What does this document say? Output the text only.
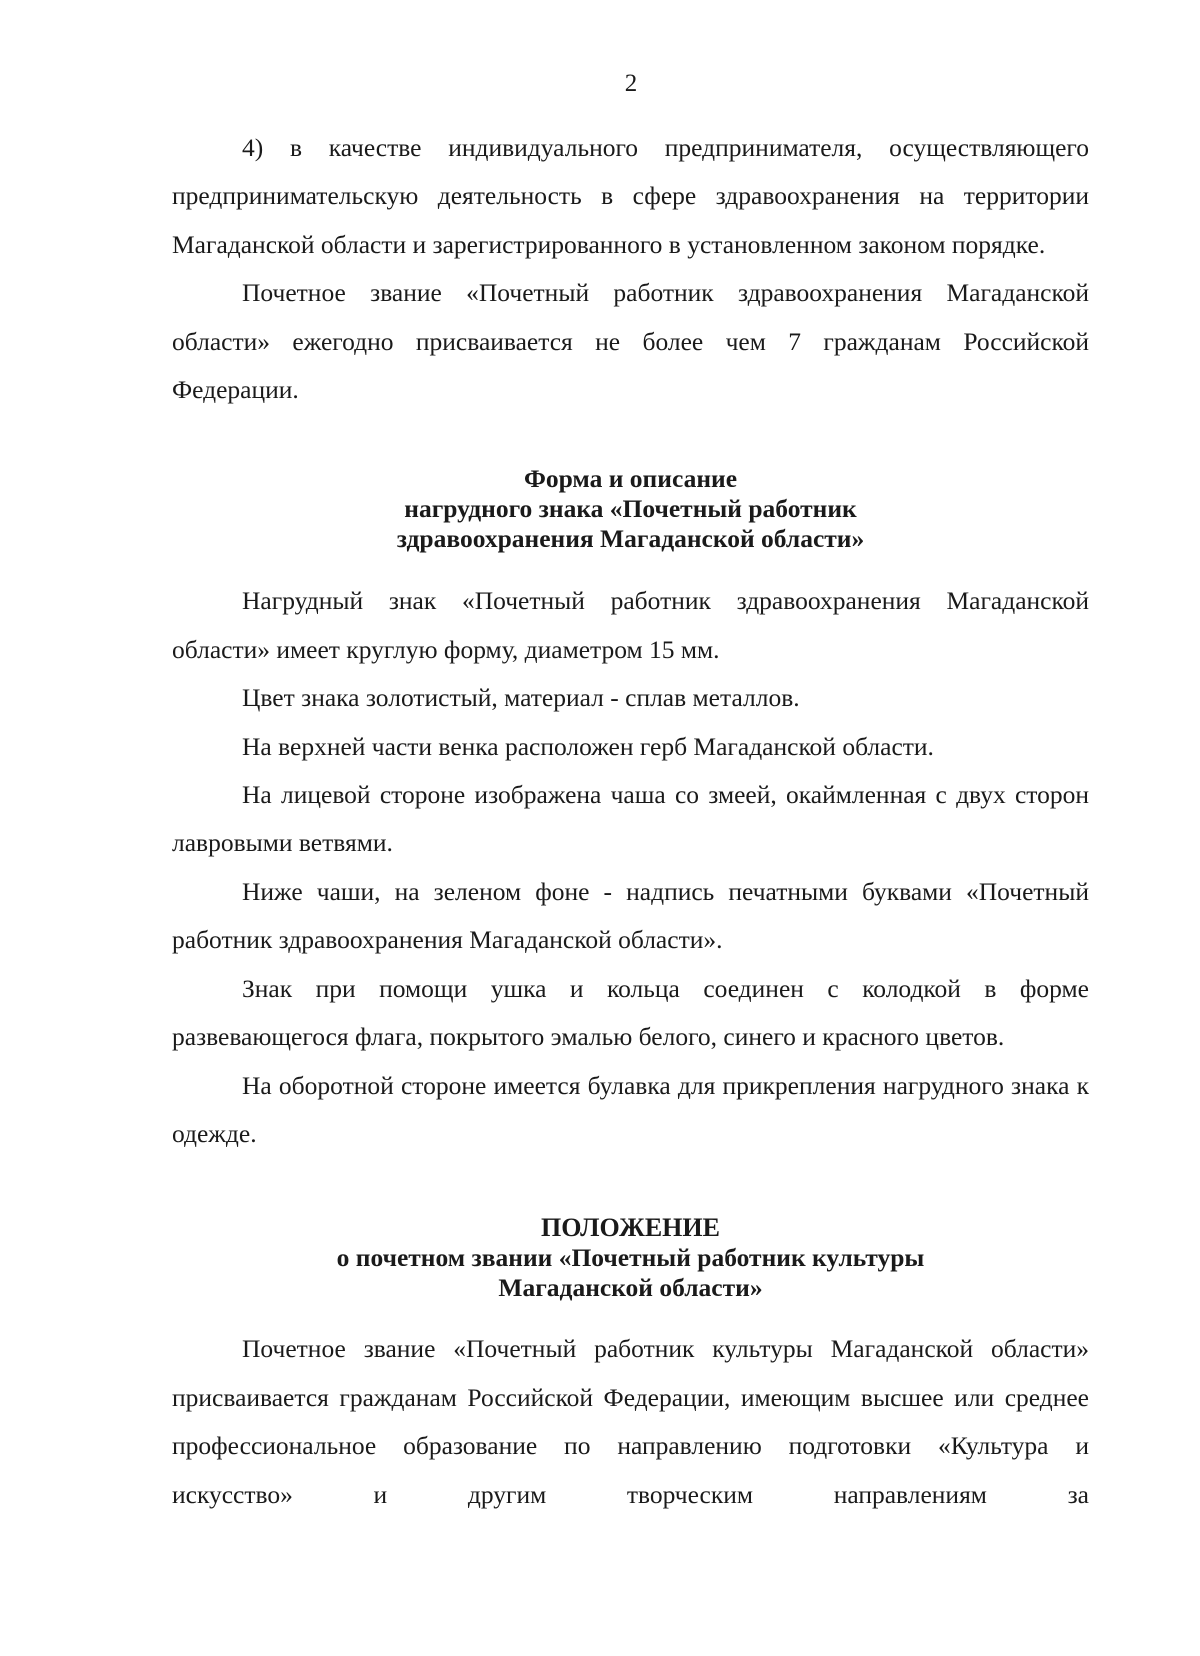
2

4) в качестве индивидуального предпринимателя, осуществляющего предпринимательскую деятельность в сфере здравоохранения на территории Магаданской области и зарегистрированного в установленном законом порядке.

Почетное звание «Почетный работник здравоохранения Магаданской области» ежегодно присваивается не более чем 7 гражданам Российской Федерации.

Форма и описание
нагрудного знака «Почетный работник
здравоохранения Магаданской области»

Нагрудный знак «Почетный работник здравоохранения Магаданской области» имеет круглую форму, диаметром 15 мм.

Цвет знака золотистый, материал - сплав металлов.

На верхней части венка расположен герб Магаданской области.

На лицевой стороне изображена чаша со змеей, окаймленная с двух сторон лавровыми ветвями.

Ниже чаши, на зеленом фоне - надпись печатными буквами «Почетный работник здравоохранения Магаданской области».

Знак при помощи ушка и кольца соединен с колодкой в форме развевающегося флага, покрытого эмалью белого, синего и красного цветов.

На оборотной стороне имеется булавка для прикрепления нагрудного знака к одежде.

ПОЛОЖЕНИЕ
о почетном звании «Почетный работник культуры
Магаданской области»

Почетное звание «Почетный работник культуры Магаданской области» присваивается гражданам Российской Федерации, имеющим высшее или среднее профессиональное образование по направлению подготовки «Культура и искусство» и другим творческим направлениям за
